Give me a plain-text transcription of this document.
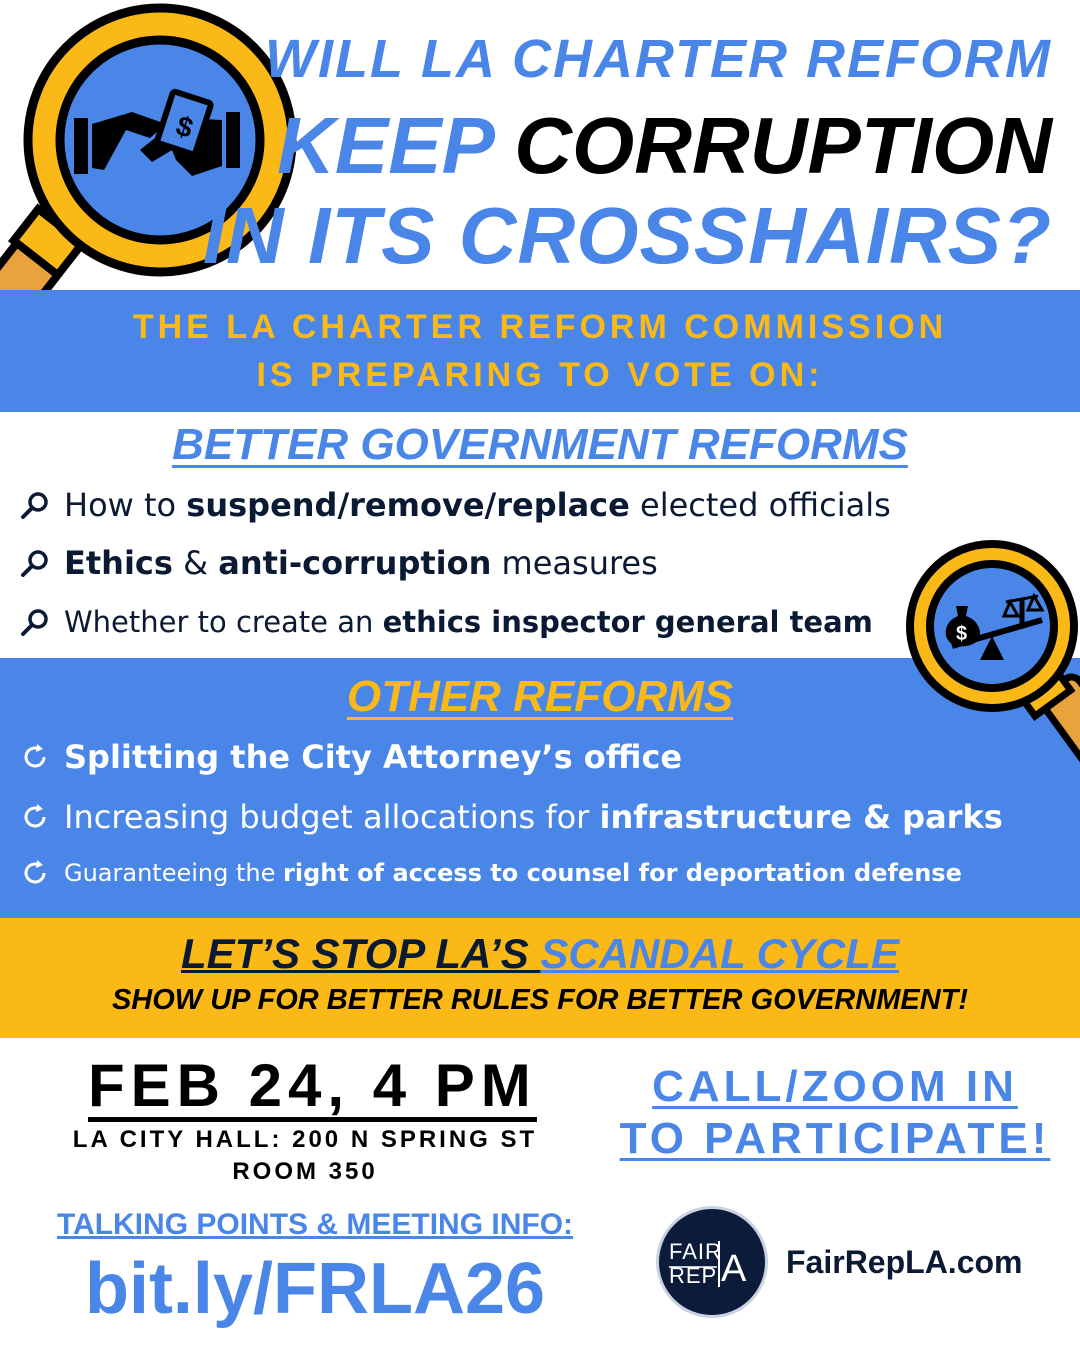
$
WILL LA CHARTER REFORM
KEEP CORRUPTION
IN ITS CROSSHAIRS?
THE LA CHARTER REFORM COMMISSION
IS PREPARING TO VOTE ON:
BETTER GOVERNMENT REFORMS
How to suspend/remove/replace elected officials
Ethics & anti-corruption measures
Whether to create an ethics inspector general team
OTHER REFORMS
Splitting the City Attorney’s office
Increasing budget allocations for infrastructure & parks
Guaranteeing the right of access to counsel for deportation defense
$
LET’S STOP LA’S SCANDAL CYCLE
SHOW UP FOR BETTER RULES FOR BETTER GOVERNMENT!
FEB 24, 4 PM
LA CITY HALL: 200 N SPRING ST
ROOM 350
CALL/ZOOM IN
TO PARTICIPATE!
TALKING POINTS & MEETING INFO:
bit.ly/FRLA26	FAIR
REP A FairRepLA.com
